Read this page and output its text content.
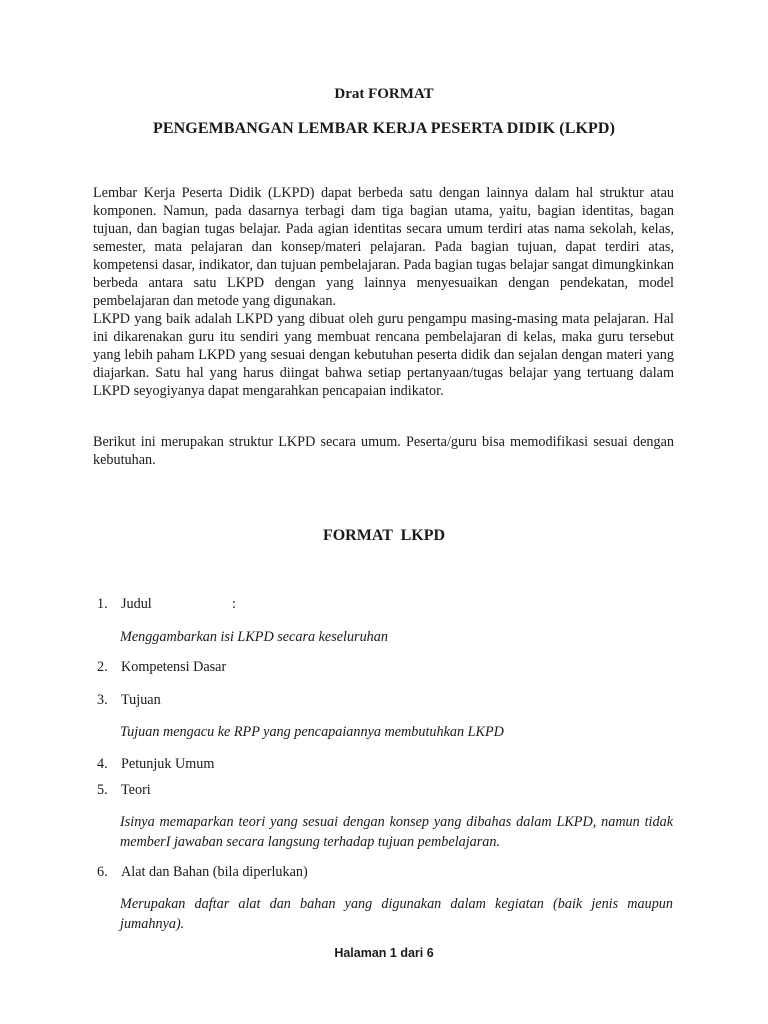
Drat FORMAT
PENGEMBANGAN LEMBAR KERJA PESERTA DIDIK (LKPD)

Lembar Kerja Peserta Didik (LKPD) dapat berbeda satu dengan lainnya dalam hal struktur atau komponen. Namun, pada dasarnya terbagi dam tiga bagian utama, yaitu, bagian identitas, bagan tujuan, dan bagian tugas belajar. Pada agian identitas secara umum terdiri atas nama sekolah, kelas, semester, mata pelajaran dan konsep/materi pelajaran. Pada bagian tujuan, dapat terdiri atas, kompetensi dasar, indikator, dan tujuan pembelajaran. Pada bagian tugas belajar sangat dimungkinkan berbeda antara satu LKPD dengan yang lainnya menyesuaikan dengan pendekatan, model pembelajaran dan metode yang digunakan.

LKPD yang baik adalah LKPD yang dibuat oleh guru pengampu masing-masing mata pelajaran. Hal ini dikarenakan guru itu sendiri yang membuat rencana pembelajaran di kelas, maka guru tersebut yang lebih paham LKPD yang sesuai dengan kebutuhan peserta didik dan sejalan dengan materi yang diajarkan. Satu hal yang harus diingat bahwa setiap pertanyaan/tugas belajar yang tertuang dalam LKPD seyogiyanya dapat mengarahkan pencapaian indikator.

Berikut ini merupakan struktur LKPD secara umum. Peserta/guru bisa memodifikasi sesuai dengan kebutuhan.

FORMAT LKPD
1. Judul	:

Menggambarkan isi LKPD secara keseluruhan

2. Kompetensi Dasar
3. Tujuan

Tujuan mengacu ke RPP yang pencapaiannya membutuhkan LKPD

4. Petunjuk Umum
5. Teori

Isinya memaparkan teori yang sesuai dengan konsep yang dibahas dalam LKPD, namun tidak memberI jawaban secara langsung terhadap tujuan pembelajaran.

6. Alat dan Bahan (bila diperlukan)

Merupakan daftar alat dan bahan yang digunakan dalam kegiatan (baik jenis maupun jumahnya).

Halaman 1 dari 6
